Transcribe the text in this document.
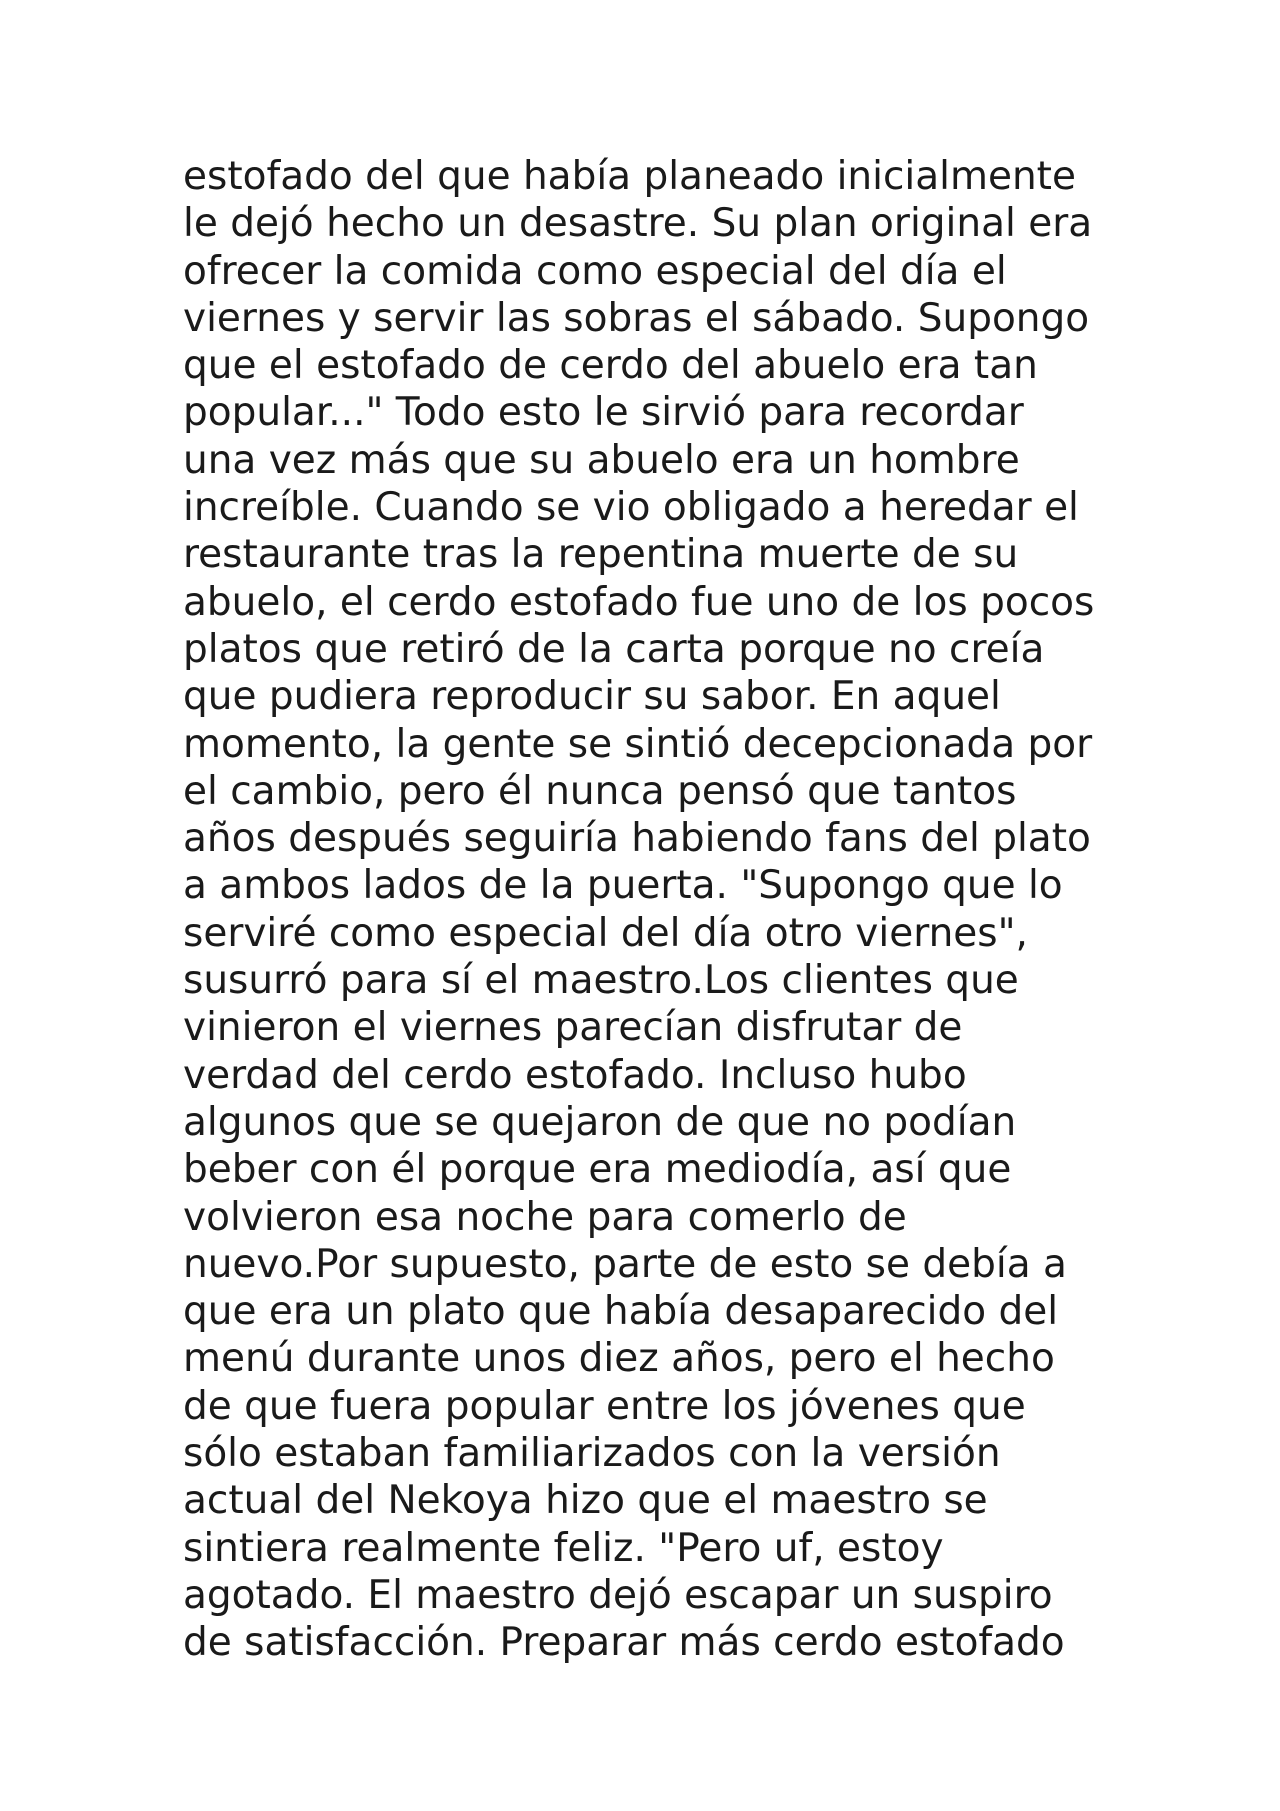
estofado del que había planeado inicialmente
le dejó hecho un desastre. Su plan original era
ofrecer la comida como especial del día el
viernes y servir las sobras el sábado. Supongo
que el estofado de cerdo del abuelo era tan
popular..." Todo esto le sirvió para recordar
una vez más que su abuelo era un hombre
increíble. Cuando se vio obligado a heredar el
restaurante tras la repentina muerte de su
abuelo, el cerdo estofado fue uno de los pocos
platos que retiró de la carta porque no creía
que pudiera reproducir su sabor. En aquel
momento, la gente se sintió decepcionada por
el cambio, pero él nunca pensó que tantos
años después seguiría habiendo fans del plato
a ambos lados de la puerta. "Supongo que lo
serviré como especial del día otro viernes",
susurró para sí el maestro.Los clientes que
vinieron el viernes parecían disfrutar de
verdad del cerdo estofado. Incluso hubo
algunos que se quejaron de que no podían
beber con él porque era mediodía, así que
volvieron esa noche para comerlo de
nuevo.Por supuesto, parte de esto se debía a
que era un plato que había desaparecido del
menú durante unos diez años, pero el hecho
de que fuera popular entre los jóvenes que
sólo estaban familiarizados con la versión
actual del Nekoya hizo que el maestro se
sintiera realmente feliz. "Pero uf, estoy
agotado. El maestro dejó escapar un suspiro
de satisfacción. Preparar más cerdo estofado
